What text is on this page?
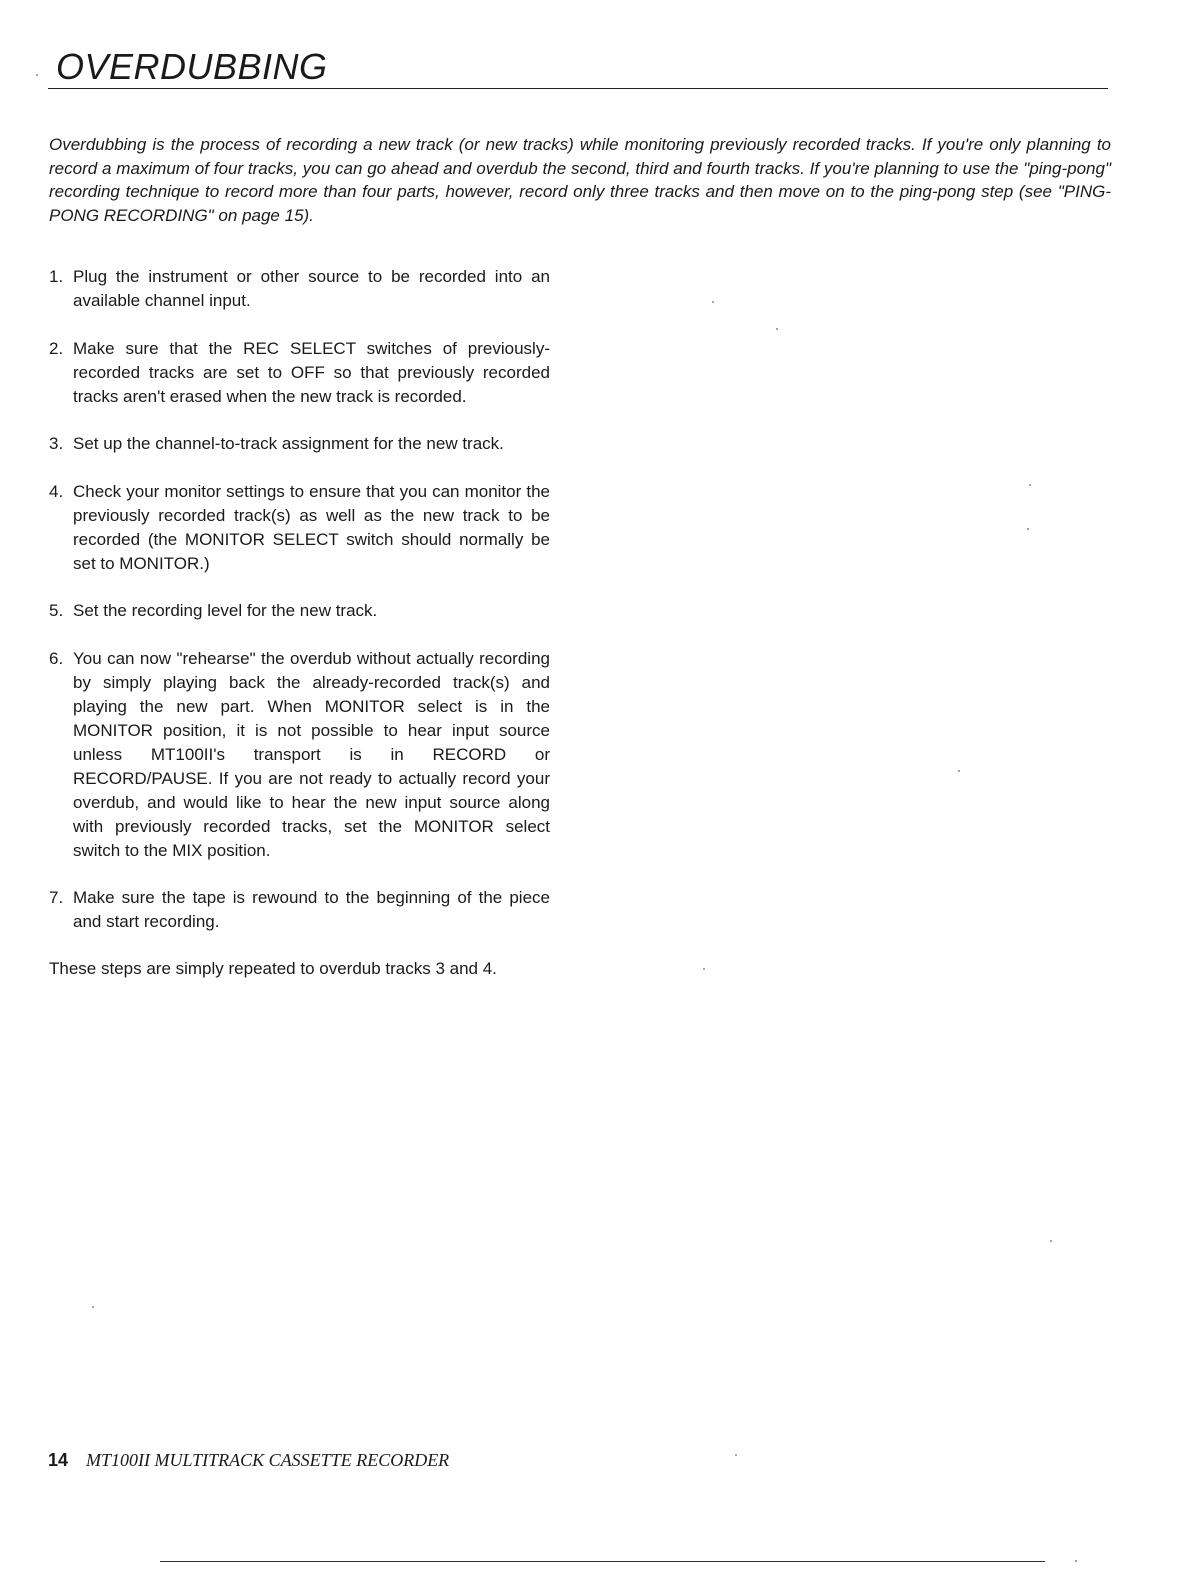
OVERDUBBING

Overdubbing is the process of recording a new track (or new tracks) while monitoring previously recorded tracks. If you're only planning to record a maximum of four tracks, you can go ahead and overdub the second, third and fourth tracks. If you're planning to use the "ping-pong" recording technique to record more than four parts, however, record only three tracks and then move on to the ping-pong step (see "PING-PONG RECORDING" on page 15).

1. Plug the instrument or other source to be recorded into an available channel input.
2. Make sure that the REC SELECT switches of previously-recorded tracks are set to OFF so that previously recorded tracks aren't erased when the new track is recorded.
3. Set up the channel-to-track assignment for the new track.
4. Check your monitor settings to ensure that you can monitor the previously recorded track(s) as well as the new track to be recorded (the MONITOR SELECT switch should normally be set to MONITOR.)
5. Set the recording level for the new track.
6. You can now "rehearse" the overdub without actually recording by simply playing back the already-recorded track(s) and playing the new part. When MONITOR select is in the MONITOR position, it is not possible to hear input source unless MT100II's transport is in RECORD or RECORD/PAUSE. If you are not ready to actually record your overdub, and would like to hear the new input source along with previously recorded tracks, set the MONITOR select switch to the MIX position.
7. Make sure the tape is rewound to the beginning of the piece and start recording.

These steps are simply repeated to overdub tracks 3 and 4.

14 MT100II MULTITRACK CASSETTE RECORDER
